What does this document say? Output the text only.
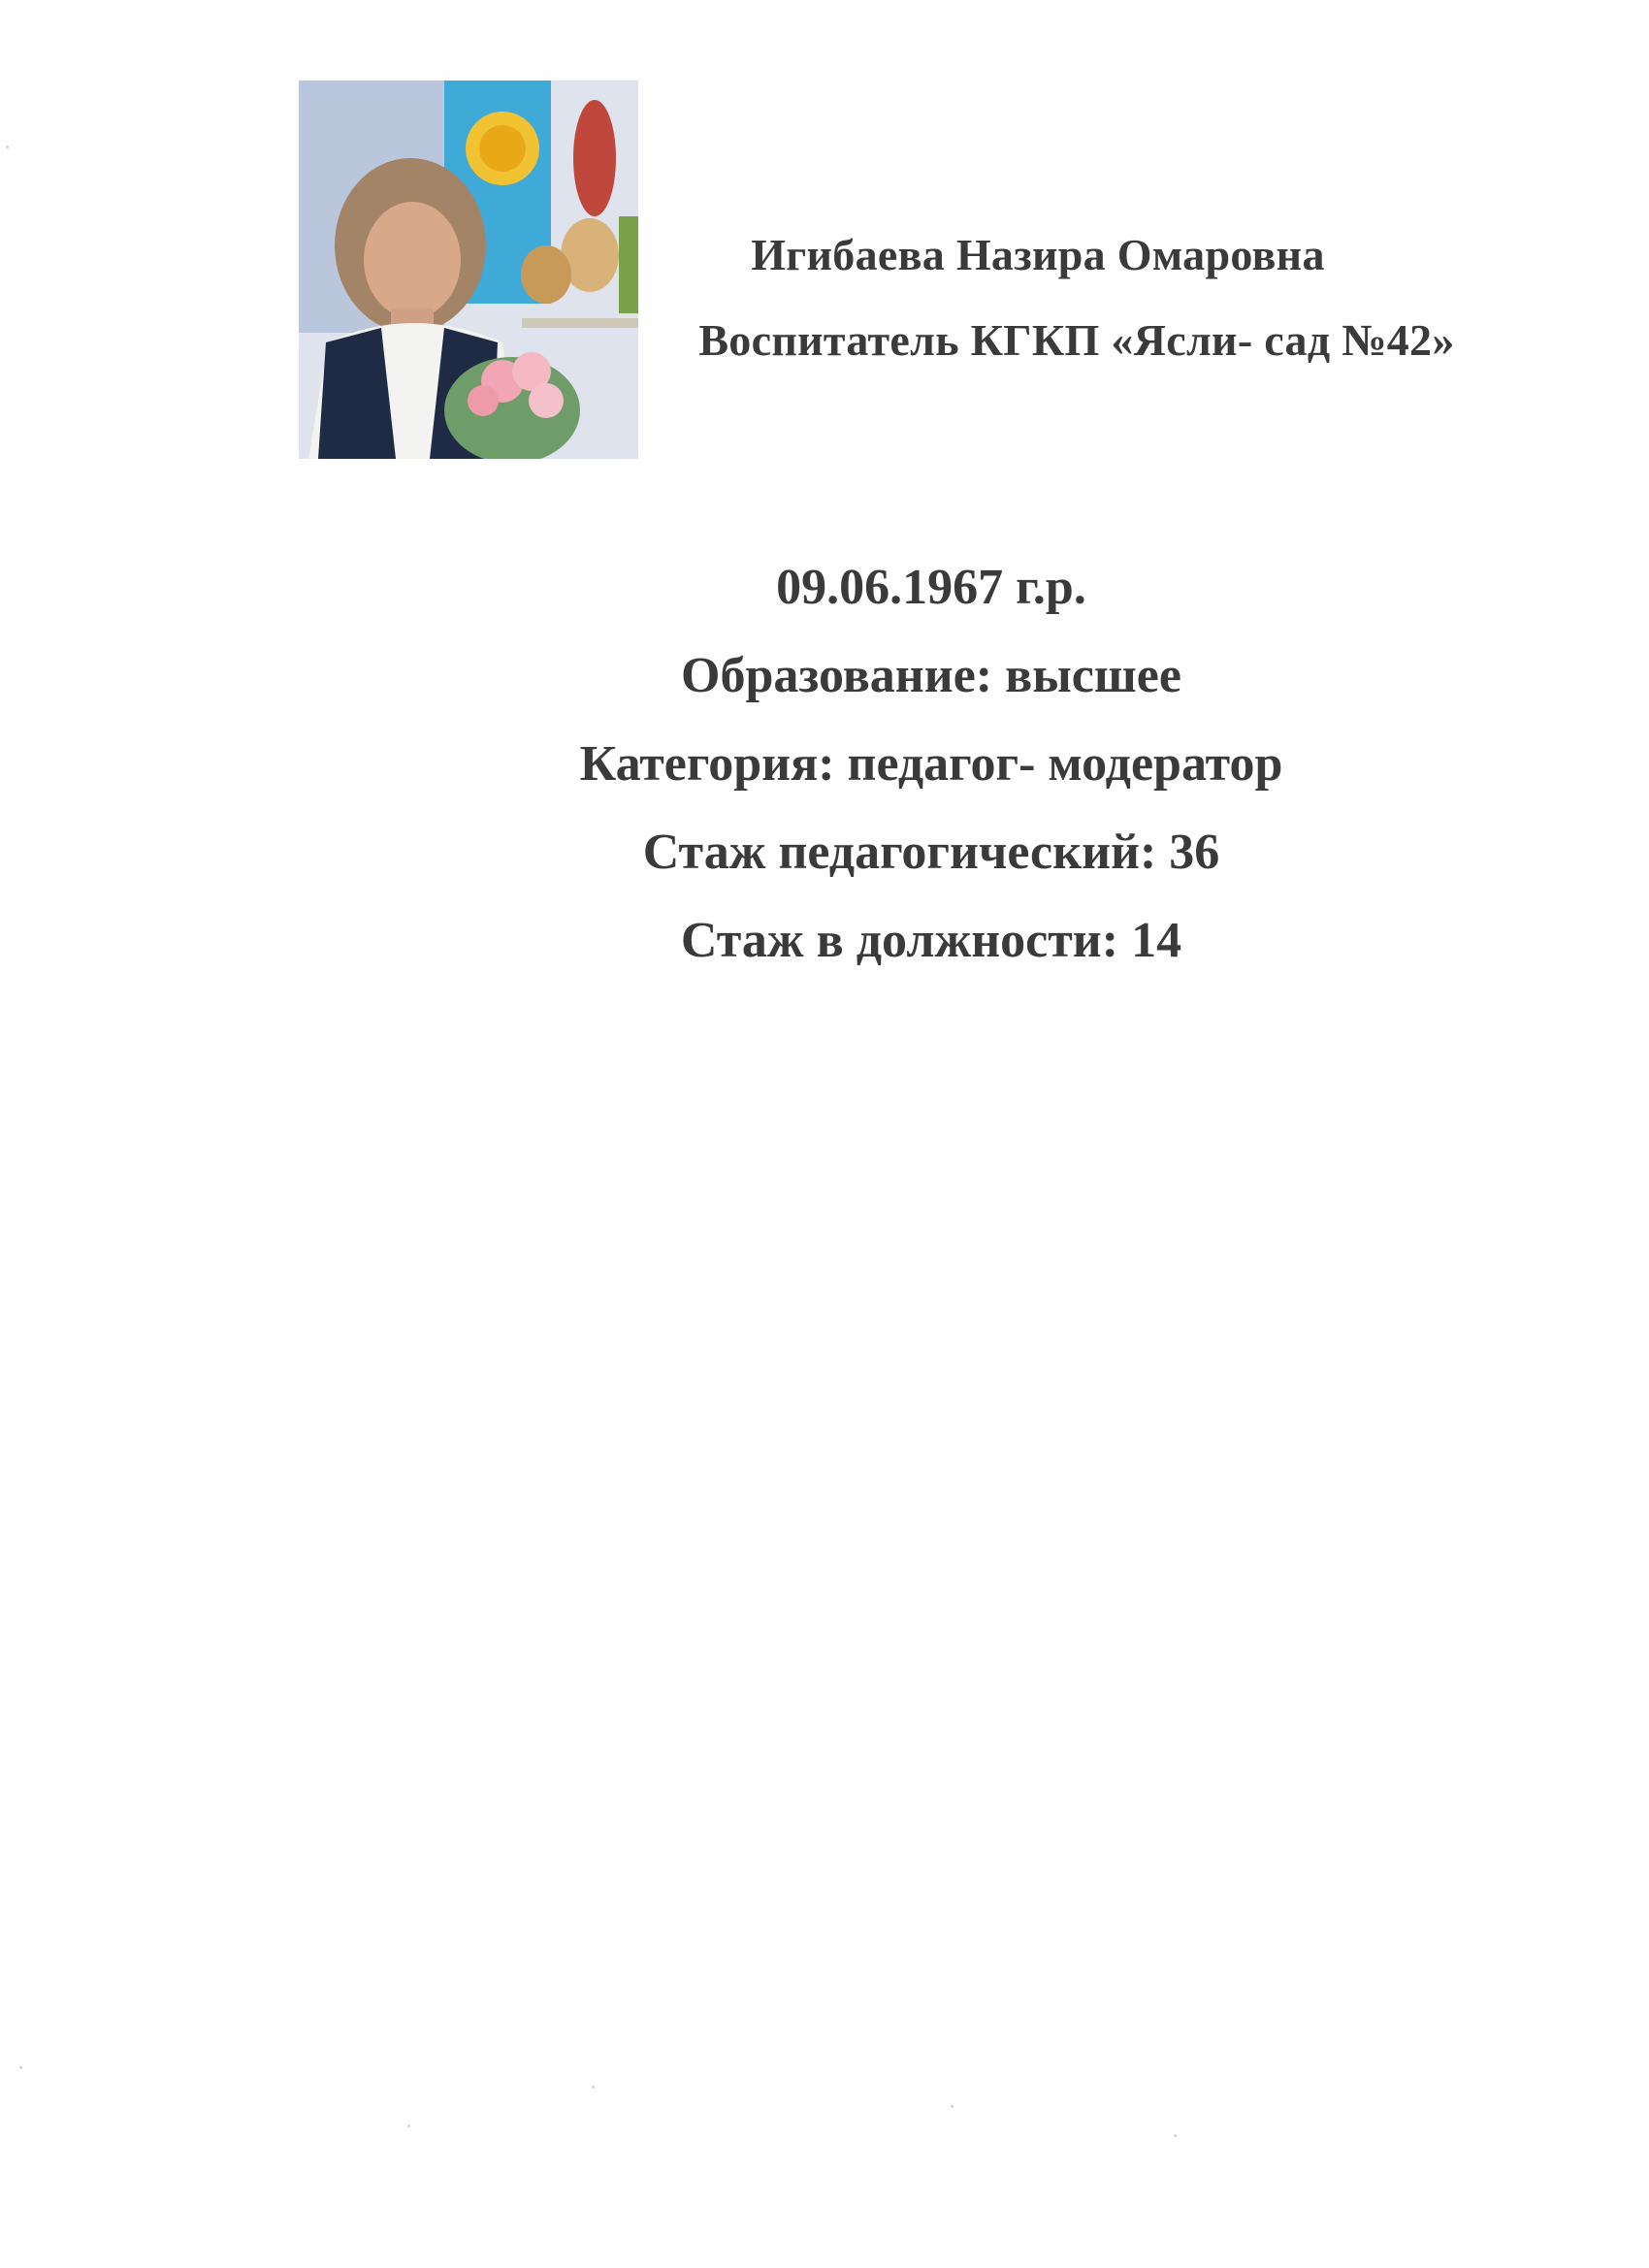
Игибаева Назира Омаровна
Воспитатель КГКП «Ясли- сад №42»
09.06.1967 г.р.
Образование: высшее
Категория: педагог- модератор
Стаж педагогический: 36
Стаж в должности: 14
